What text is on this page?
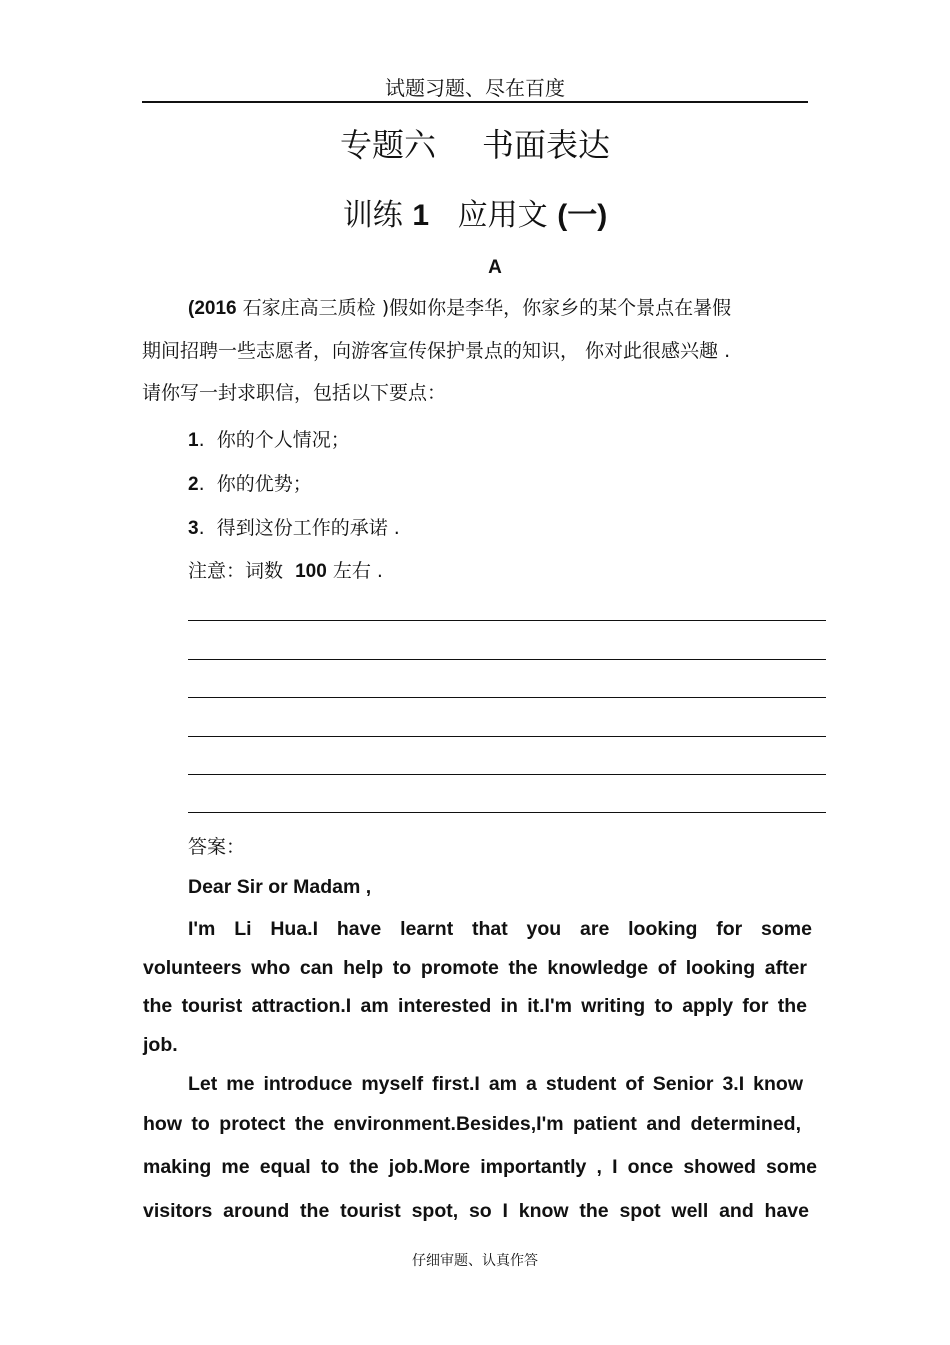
试题习题、尽在百度
专题六 书面表达
训练 1 应用文 (一)
A
(2016 石家庄高三质检 )假如你是李华，你家乡的某个景点在暑假
期间招聘一些志愿者，向游客宣传保护景点的知识， 你对此很感兴趣 .
请你写一封求职信，包括以下要点：
1.  你的个人情况；
2.  你的优势；
3.  得到这份工作的承诺 .
注意：词数 100 左右 .
答案：
Dear Sir or Madam ,
I'm Li Hua.I have learnt that you are looking for some
volunteers who can help to promote the knowledge of looking after
the tourist attraction.I am interested in it.I'm writing to apply for the
job.
Let me introduce myself first.I am a student of Senior 3.I know
how to protect the environment.Besides,I'm patient and determined,
making me equal to the job.More importantly , I once showed some
visitors around the tourist spot, so I know the spot well and have
仔细审题、认真作答
